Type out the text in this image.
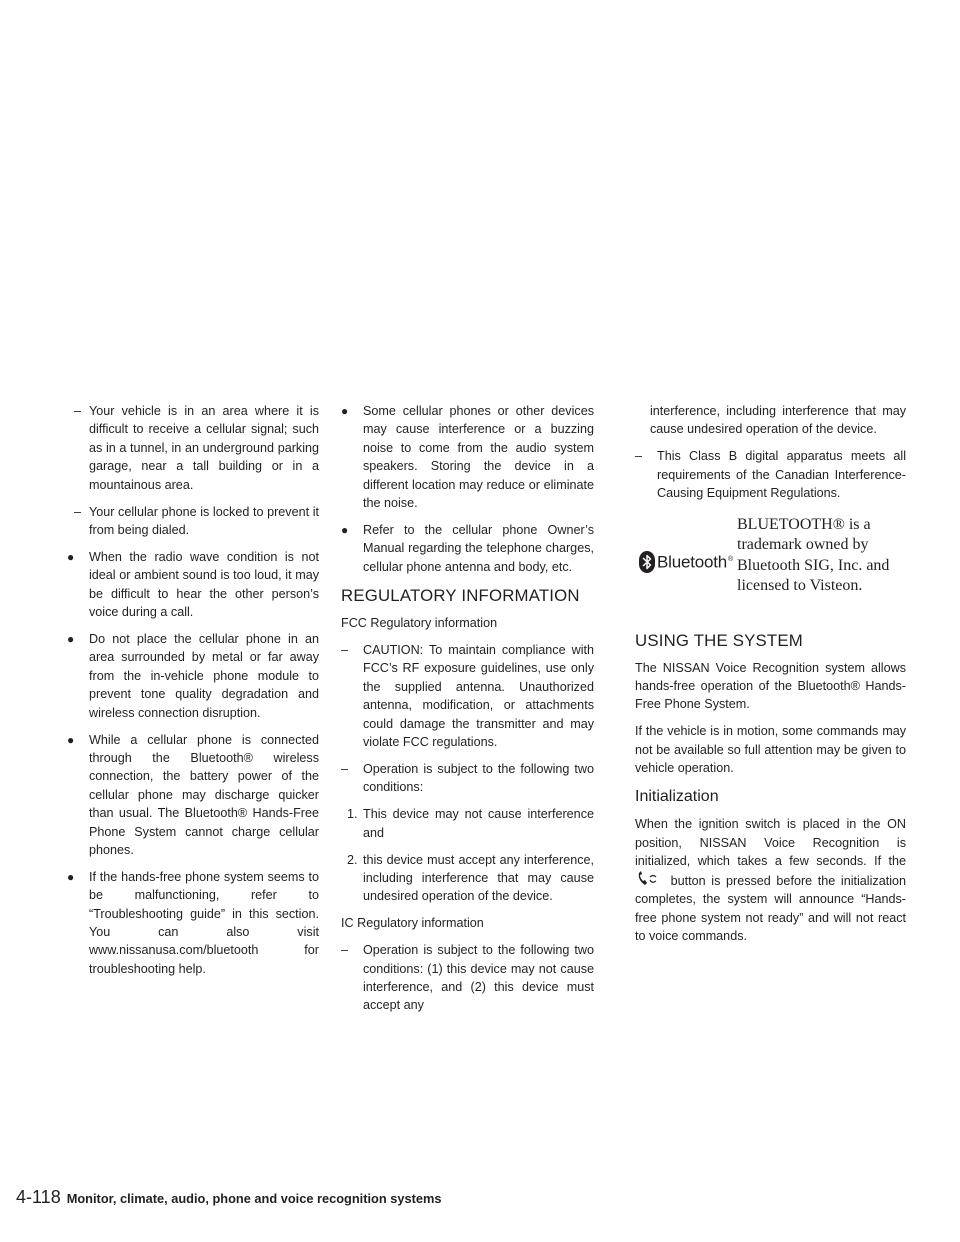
– Your vehicle is in an area where it is difficult to receive a cellular signal; such as in a tunnel, in an underground parking garage, near a tall building or in a mountainous area.
– Your cellular phone is locked to prevent it from being dialed.
● When the radio wave condition is not ideal or ambient sound is too loud, it may be difficult to hear the other person’s voice during a call.
● Do not place the cellular phone in an area surrounded by metal or far away from the in-vehicle phone module to prevent tone quality degradation and wireless connection disruption.
● While a cellular phone is connected through the Bluetooth® wireless connection, the battery power of the cellular phone may discharge quicker than usual. The Bluetooth® Hands-Free Phone System cannot charge cellular phones.
● If the hands-free phone system seems to be malfunctioning, refer to “Troubleshooting guide” in this section. You can also visit www.nissanusa.com/bluetooth for troubleshooting help.
● Some cellular phones or other devices may cause interference or a buzzing noise to come from the audio system speakers. Storing the device in a different location may reduce or eliminate the noise.
● Refer to the cellular phone Owner’s Manual regarding the telephone charges, cellular phone antenna and body, etc.
REGULATORY INFORMATION

FCC Regulatory information

– CAUTION: To maintain compliance with FCC’s RF exposure guidelines, use only the supplied antenna. Unauthorized antenna, modification, or attachments could damage the transmitter and may violate FCC regulations.
– Operation is subject to the following two conditions:
1. This device may not cause interference and
2. this device must accept any interference, including interference that may cause undesired operation of the device.

IC Regulatory information

– Operation is subject to the following two conditions: (1) this device may not cause interference, and (2) this device must accept any
interference, including interference that may cause undesired operation of the device.
– This Class B digital apparatus meets all requirements of the Canadian Interference-Causing Equipment Regulations.
Bluetooth®
BLUETOOTH® is a trademark owned by Bluetooth SIG, Inc. and licensed to Visteon.
USING THE SYSTEM

The NISSAN Voice Recognition system allows hands-free operation of the Bluetooth® Hands-Free Phone System.

If the vehicle is in motion, some commands may not be available so full attention may be given to vehicle operation.

Initialization

When the ignition switch is placed in the ON position, NISSAN Voice Recognition is initialized, which takes a few seconds. If the  button is pressed before the initialization completes, the system will announce “Hands-free phone system not ready” and will not react to voice commands.

4-118 Monitor, climate, audio, phone and voice recognition systems
